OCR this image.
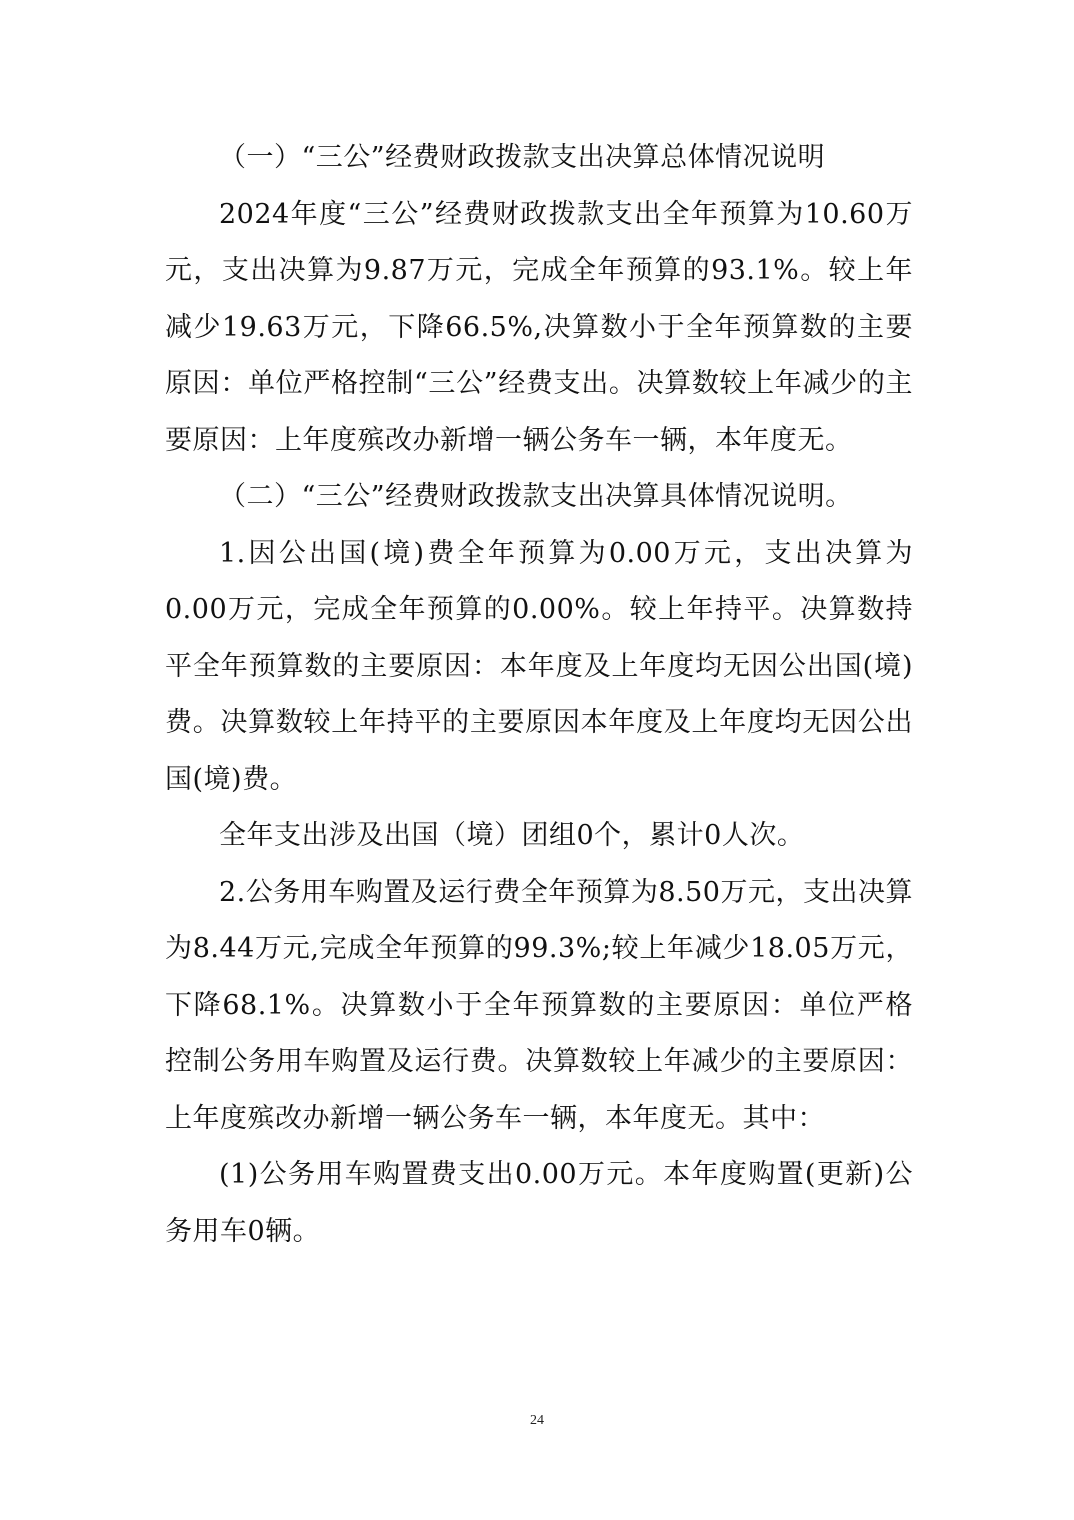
（一）“三公”经费财政拨款支出决算总体情况说明

2024年度“三公”经费财政拨款支出全年预算为10.60万元，支出决算为9.87万元，完成全年预算的93.1%。较上年减少19.63万元，下降66.5%,决算数小于全年预算数的主要原因：单位严格控制“三公”经费支出。决算数较上年减少的主要原因：上年度殡改办新增一辆公务车一辆，本年度无。

（二）“三公”经费财政拨款支出决算具体情况说明。

1.因公出国(境)费全年预算为0.00万元，支出决算为0.00万元，完成全年预算的0.00%。较上年持平。决算数持平全年预算数的主要原因：本年度及上年度均无因公出国(境)费。决算数较上年持平的主要原因本年度及上年度均无因公出国(境)费。

全年支出涉及出国（境）团组0个，累计0人次。

2.公务用车购置及运行费全年预算为8.50万元，支出决算为8.44万元,完成全年预算的99.3%;较上年减少18.05万元，下降68.1%。决算数小于全年预算数的主要原因：单位严格控制公务用车购置及运行费。决算数较上年减少的主要原因：上年度殡改办新增一辆公务车一辆，本年度无。其中：

(1)公务用车购置费支出0.00万元。本年度购置(更新)公务用车0辆。

24
